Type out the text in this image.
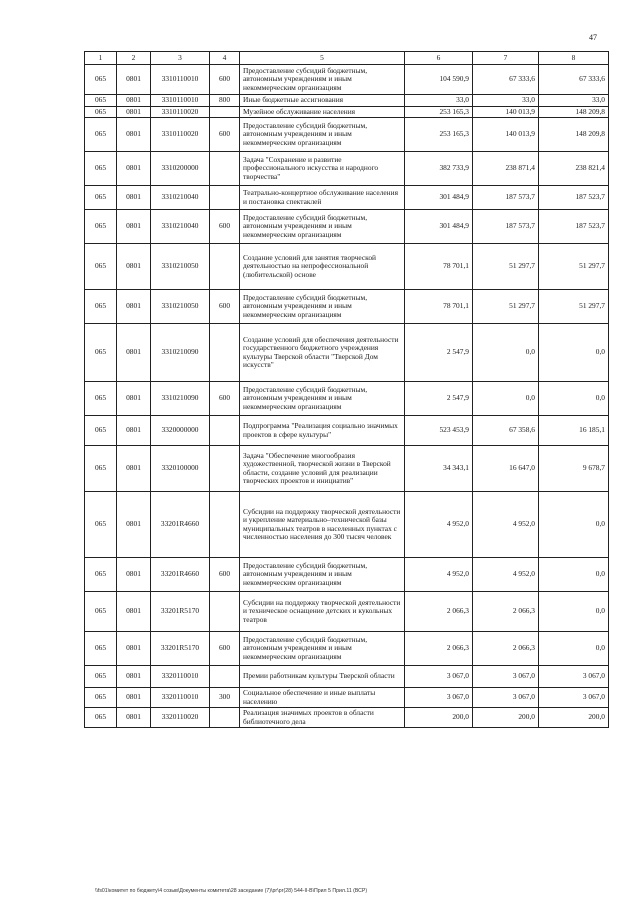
47
1	2	3	4	5	6	7	8
065	0801	3310110010	600	Предоставление субсидий бюджетным, автономным учреждениям и иным некоммерческим организациям	104 590,9	67 333,6	67 333,6
065	0801	3310110010	800	Иные бюджетные ассигнования	33,0	33,0	33,0
065	0801	3310110020		Музейное обслуживание населения	253 165,3	140 013,9	148 209,8
065	0801	3310110020	600	Предоставление субсидий бюджетным, автономным учреждениям и иным некоммерческим организациям	253 165,3	140 013,9	148 209,8
065	0801	3310200000		Задача "Сохранение и развитие профессионального искусства и народного творчества"	382 733,9	238 871,4	238 821,4
065	0801	3310210040		Театрально-концертное обслуживание населения и постановка спектаклей	301 484,9	187 573,7	187 523,7
065	0801	3310210040	600	Предоставление субсидий бюджетным, автономным учреждениям и иным некоммерческим организациям	301 484,9	187 573,7	187 523,7
065	0801	3310210050		Создание условий для занятия творческой деятельностью на непрофессиональной (любительской) основе	78 701,1	51 297,7	51 297,7
065	0801	3310210050	600	Предоставление субсидий бюджетным, автономным учреждениям и иным некоммерческим организациям	78 701,1	51 297,7	51 297,7
065	0801	3310210090		Создание условий для обеспечения деятельности государственного бюджетного учреждения культуры Тверской области "Тверской Дом искусств"	2 547,9	0,0	0,0
065	0801	3310210090	600	Предоставление субсидий бюджетным, автономным учреждениям и иным некоммерческим организациям	2 547,9	0,0	0,0
065	0801	3320000000		Подпрограмма "Реализация социально значимых проектов в сфере культуры"	523 453,9	67 358,6	16 185,1
065	0801	3320100000		Задача "Обеспечение многообразия художественной, творческой жизни в Тверской области, создание условий для реализации творческих проектов и инициатив"	34 343,1	16 647,0	9 678,7
065	0801	33201R4660		Субсидии на поддержку творческой деятельности и укрепление материально–технической базы муниципальных театров в населенных пунктах с численностью населения до 300 тысяч человек	4 952,0	4 952,0	0,0
065	0801	33201R4660	600	Предоставление субсидий бюджетным, автономным учреждениям и иным некоммерческим организациям	4 952,0	4 952,0	0,0
065	0801	33201R5170		Субсидии на поддержку творческой деятельности и техническое оснащение детских и кукольных театров	2 066,3	2 066,3	0,0
065	0801	33201R5170	600	Предоставление субсидий бюджетным, автономным учреждениям и иным некоммерческим организациям	2 066,3	2 066,3	0,0
065	0801	3320110010		Премии работникам культуры Тверской области	3 067,0	3 067,0	3 067,0
065	0801	3320110010	300	Социальное обеспечение и иные выплаты населению	3 067,0	3 067,0	3 067,0
065	0801	3320110020		Реализация значимых проектов в области библиотечного дела	200,0	200,0	200,0
\\fs01\комитет по бюджету\4 созыв\Документы комитета\28 заседание (7)\рг\рг(28) 544-II-В\Прил 5 Прил.11 (ВСР)
